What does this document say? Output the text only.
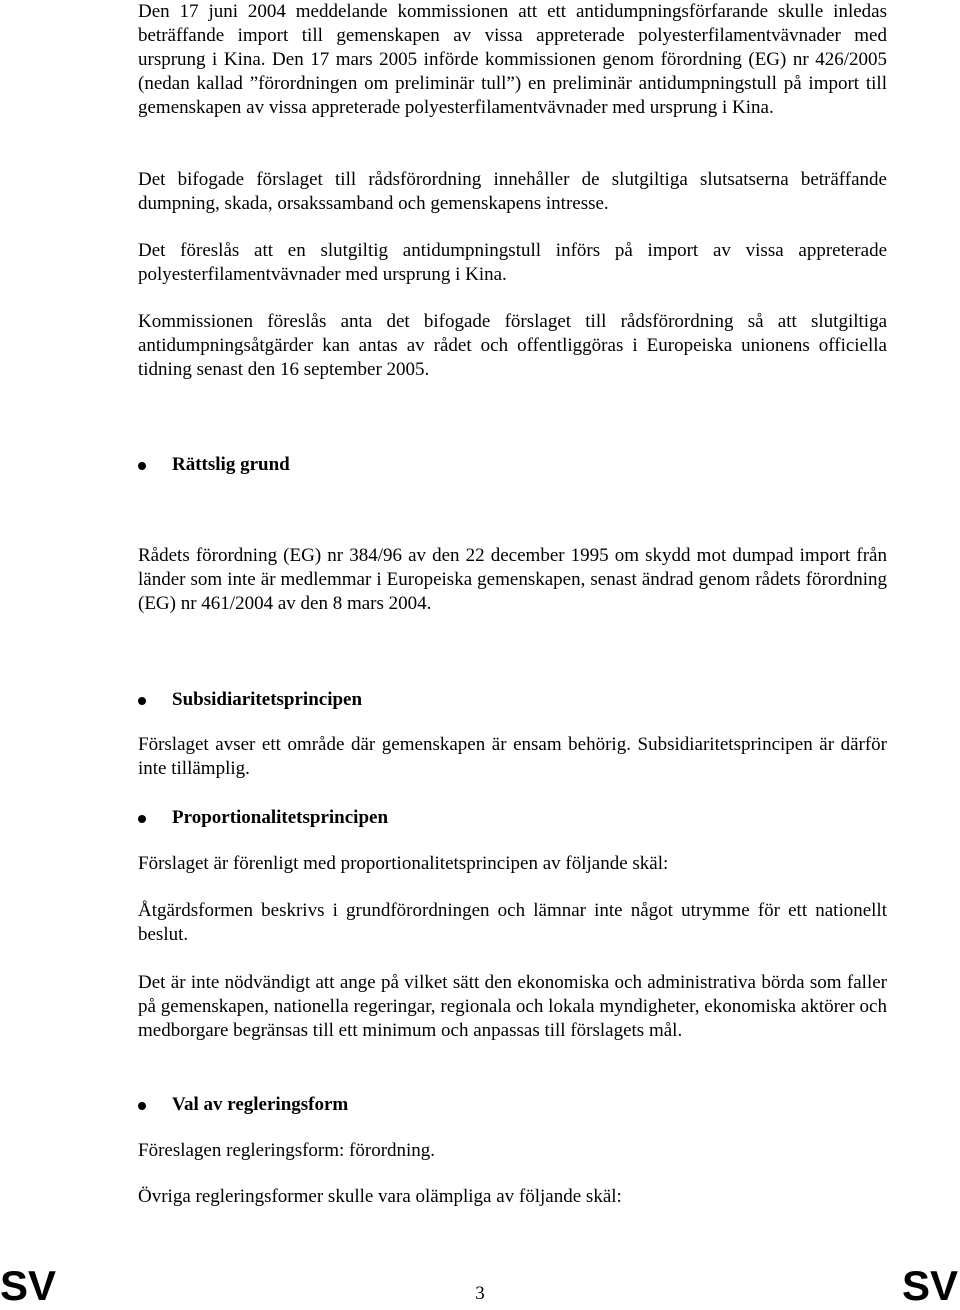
Den 17 juni 2004 meddelande kommissionen att ett antidumpningsförfarande skulle inledas beträffande import till gemenskapen av vissa appreterade polyesterfilamentvävnader med ursprung i Kina. Den 17 mars 2005 införde kommissionen genom förordning (EG) nr 426/2005 (nedan kallad ”förordningen om preliminär tull”) en preliminär antidumpningstull på import till gemenskapen av vissa appreterade polyesterfilamentvävnader med ursprung i Kina.

Det bifogade förslaget till rådsförordning innehåller de slutgiltiga slutsatserna beträffande dumpning, skada, orsakssamband och gemenskapens intresse.

Det föreslås att en slutgiltig antidumpningstull införs på import av vissa appreterade polyesterfilamentvävnader med ursprung i Kina.

Kommissionen föreslås anta det bifogade förslaget till rådsförordning så att slutgiltiga antidumpningsåtgärder kan antas av rådet och offentliggöras i Europeiska unionens officiella tidning senast den 16 september 2005.

Rättslig grund

Rådets förordning (EG) nr 384/96 av den 22 december 1995 om skydd mot dumpad import från länder som inte är medlemmar i Europeiska gemenskapen, senast ändrad genom rådets förordning (EG) nr 461/2004 av den 8 mars 2004.

Subsidiaritetsprincipen

Förslaget avser ett område där gemenskapen är ensam behörig. Subsidiaritetsprincipen är därför inte tillämplig.

Proportionalitetsprincipen

Förslaget är förenligt med proportionalitetsprincipen av följande skäl:

Åtgärdsformen beskrivs i grundförordningen och lämnar inte något utrymme för ett nationellt beslut.

Det är inte nödvändigt att ange på vilket sätt den ekonomiska och administrativa börda som faller på gemenskapen, nationella regeringar, regionala och lokala myndigheter, ekonomiska aktörer och medborgare begränsas till ett minimum och anpassas till förslagets mål.

Val av regleringsform

Föreslagen regleringsform: förordning.

Övriga regleringsformer skulle vara olämpliga av följande skäl:

SV	3	SV
